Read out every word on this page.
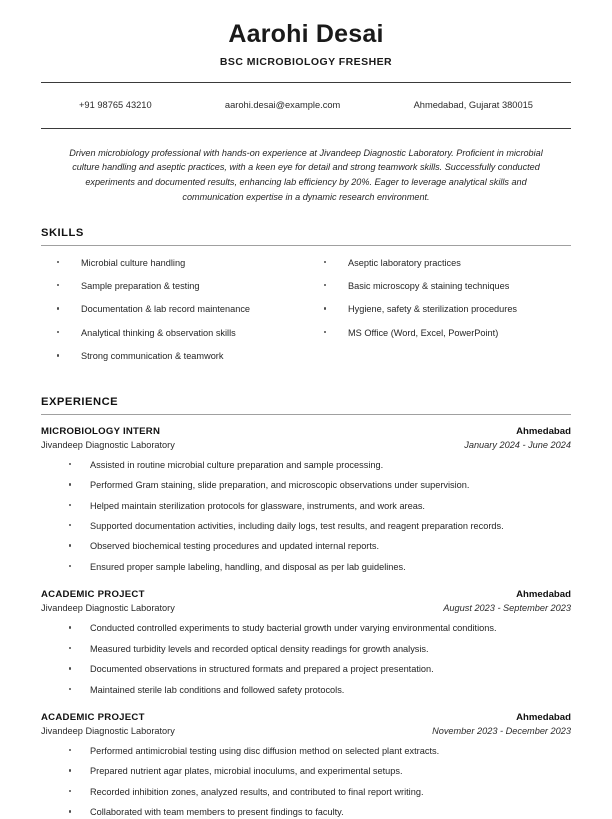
Aarohi Desai
BSC MICROBIOLOGY FRESHER
+91 98765 43210	aarohi.desai@example.com	Ahmedabad, Gujarat 380015

Driven microbiology professional with hands-on experience at Jivandeep Diagnostic Laboratory. Proficient in microbial culture handling and aseptic practices, with a keen eye for detail and strong teamwork skills. Successfully conducted experiments and documented results, enhancing lab efficiency by 20%. Eager to leverage analytical skills and communication expertise in a dynamic research environment.

SKILLS
Microbial culture handling
Sample preparation & testing
Documentation & lab record maintenance
Analytical thinking & observation skills
Strong communication & teamwork
Aseptic laboratory practices
Basic microscopy & staining techniques
Hygiene, safety & sterilization procedures
MS Office (Word, Excel, PowerPoint)
EXPERIENCE
MICROBIOLOGY INTERN	Ahmedabad
Jivandeep Diagnostic Laboratory	January 2024 - June 2024
Assisted in routine microbial culture preparation and sample processing.
Performed Gram staining, slide preparation, and microscopic observations under supervision.
Helped maintain sterilization protocols for glassware, instruments, and work areas.
Supported documentation activities, including daily logs, test results, and reagent preparation records.
Observed biochemical testing procedures and updated internal reports.
Ensured proper sample labeling, handling, and disposal as per lab guidelines.
ACADEMIC PROJECT	Ahmedabad
Jivandeep Diagnostic Laboratory	August 2023 - September 2023
Conducted controlled experiments to study bacterial growth under varying environmental conditions.
Measured turbidity levels and recorded optical density readings for growth analysis.
Documented observations in structured formats and prepared a project presentation.
Maintained sterile lab conditions and followed safety protocols.
ACADEMIC PROJECT	Ahmedabad
Jivandeep Diagnostic Laboratory	November 2023 - December 2023
Performed antimicrobial testing using disc diffusion method on selected plant extracts.
Prepared nutrient agar plates, microbial inoculums, and experimental setups.
Recorded inhibition zones, analyzed results, and contributed to final report writing.
Collaborated with team members to present findings to faculty.
